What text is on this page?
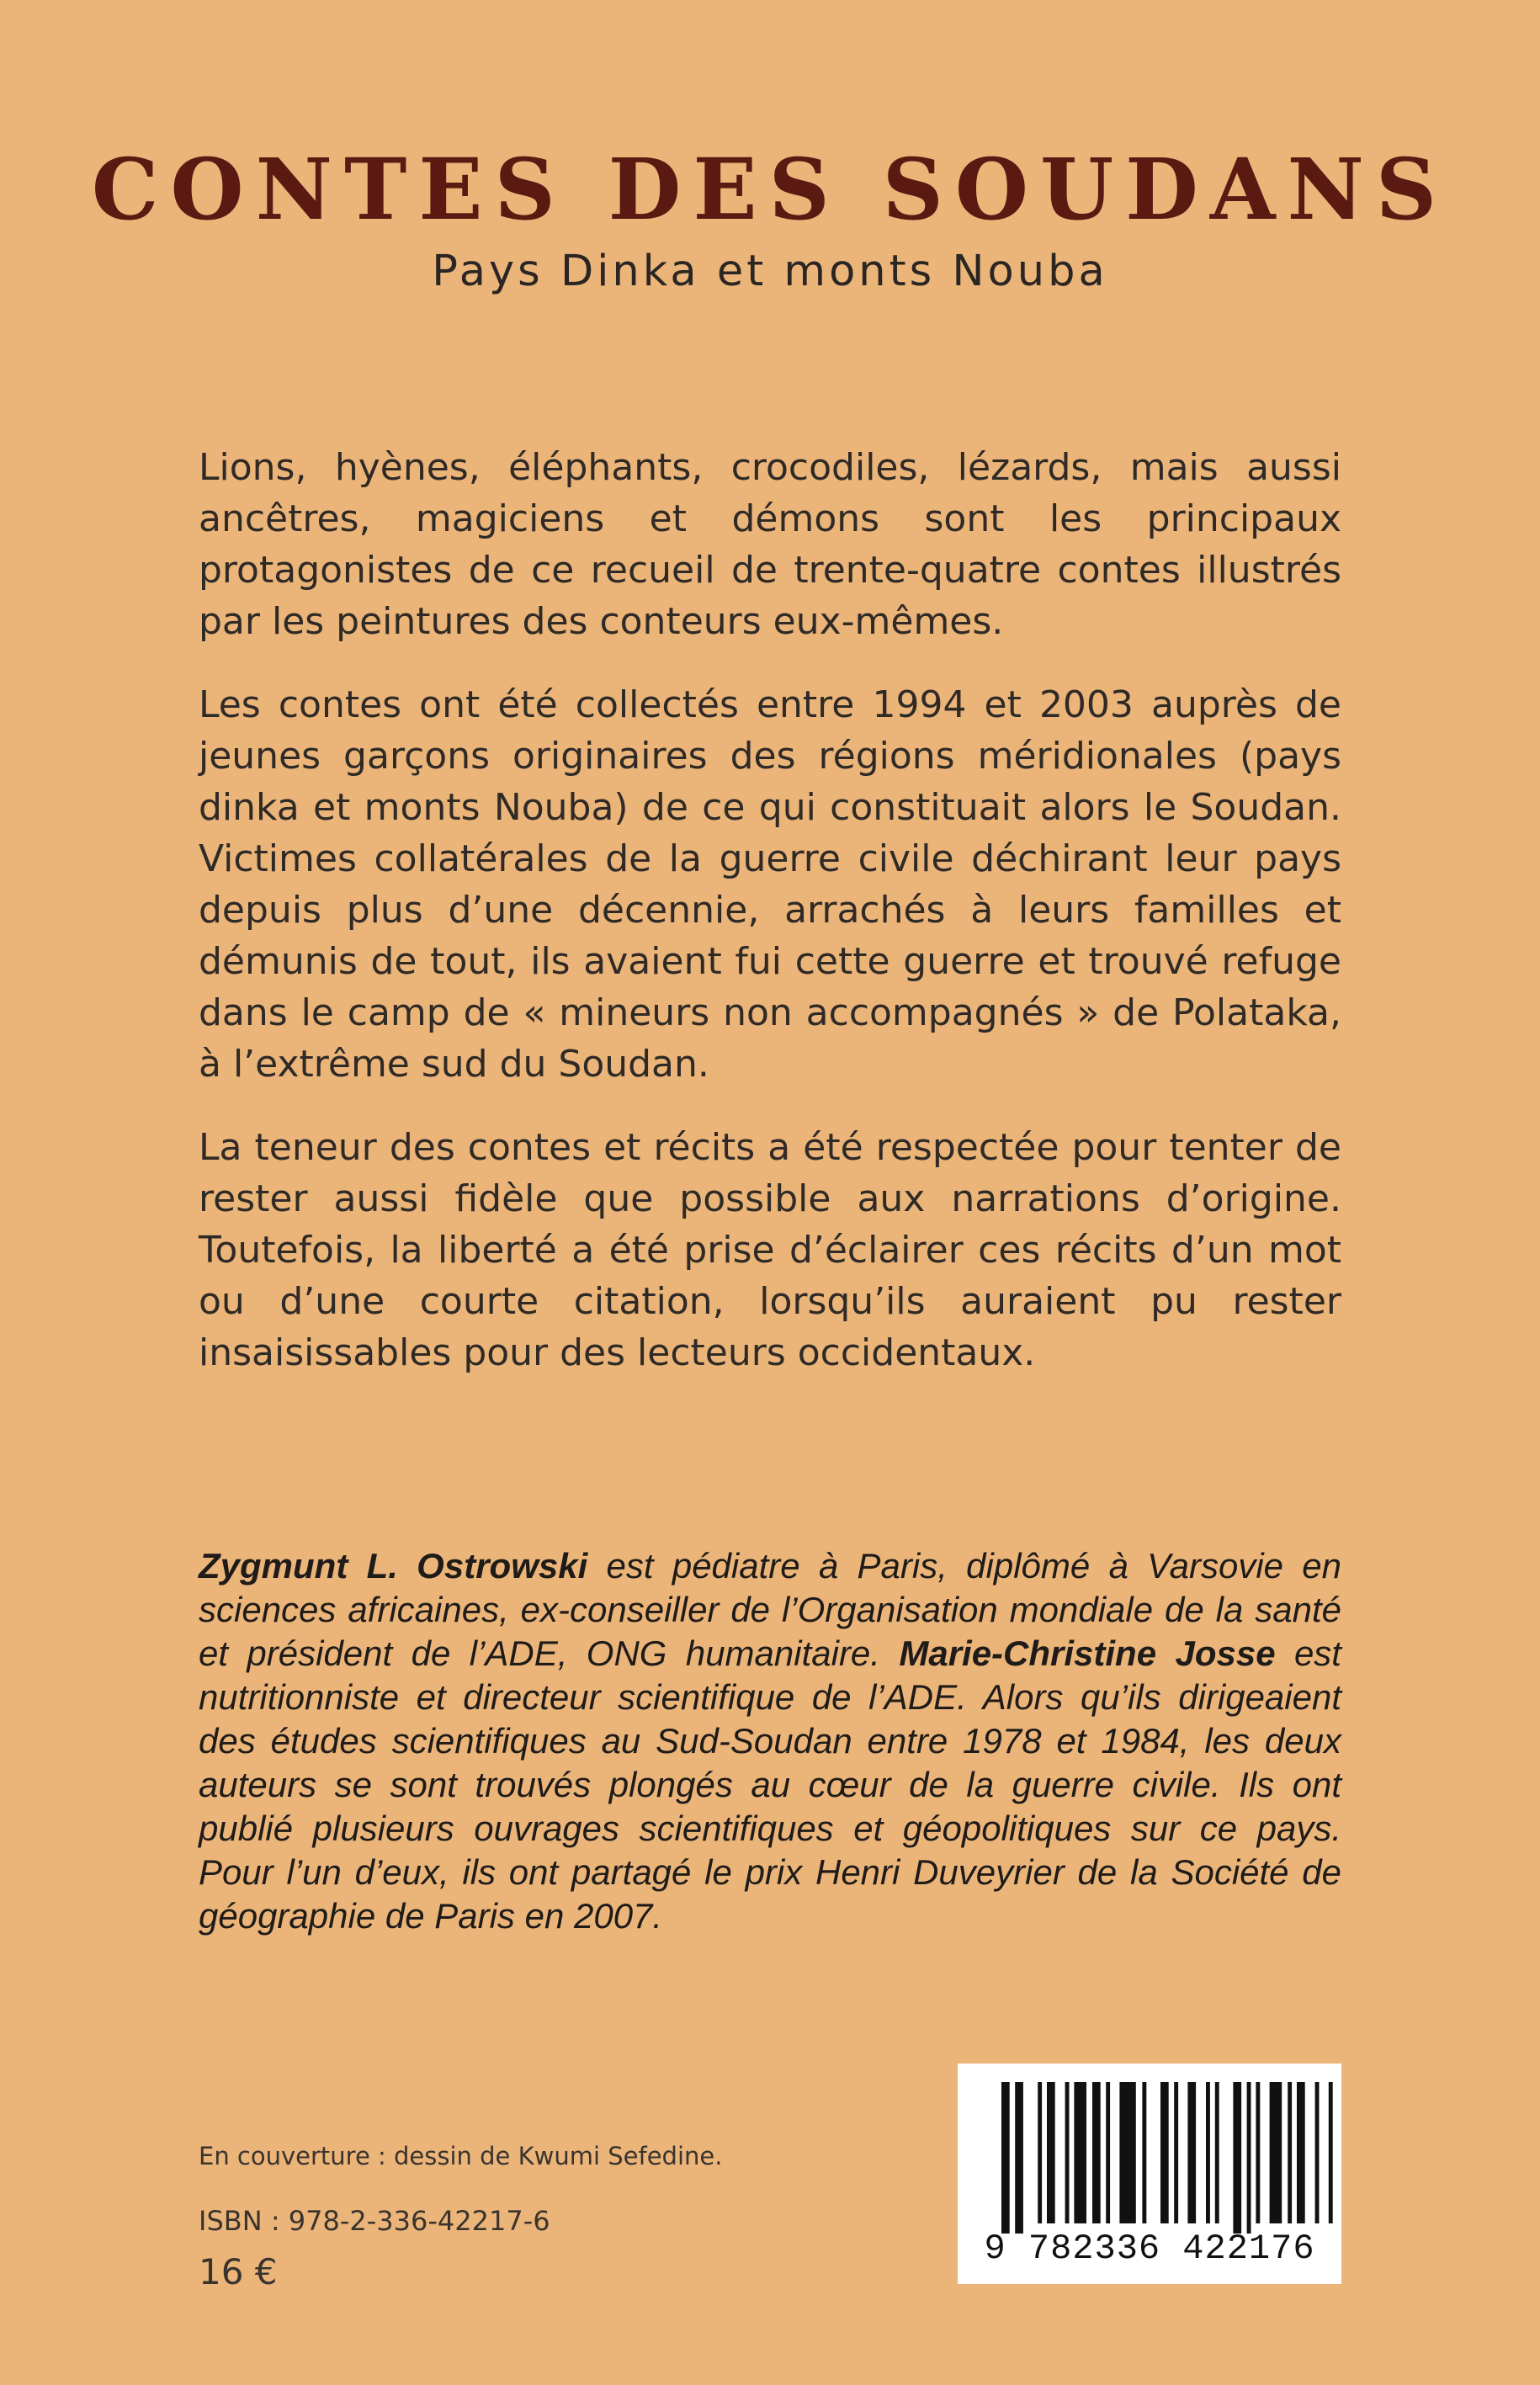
CONTES DES SOUDANS
Pays Dinka et monts Nouba

Lions, hyènes, éléphants, crocodiles, lézards, mais aussi ancêtres, magiciens et démons sont les principaux protagonistes de ce recueil de trente-quatre contes illustrés par les peintures des conteurs eux-mêmes.

Les contes ont été collectés entre 1994 et 2003 auprès de jeunes garçons originaires des régions méridionales (pays dinka et monts Nouba) de ce qui constituait alors le Soudan. Victimes collatérales de la guerre civile déchirant leur pays depuis plus d’une décennie, arrachés à leurs familles et démunis de tout, ils avaient fui cette guerre et trouvé refuge dans le camp de « mineurs non accompagnés » de Polataka, à l’extrême sud du Soudan.

La teneur des contes et récits a été respectée pour tenter de rester aussi fidèle que possible aux narrations d’origine. Toutefois, la liberté a été prise d’éclairer ces récits d’un mot ou d’une courte citation, lorsqu’ils auraient pu rester insaisissables pour des lecteurs occidentaux.

Zygmunt L. Ostrowski est pédiatre à Paris, diplômé à Varsovie en sciences africaines, ex-conseiller de l’Organisation mondiale de la santé et président de l’ADE, ONG humanitaire. Marie-Christine Josse est nutritionniste et directeur scientifique de l’ADE. Alors qu’ils dirigeaient des études scientifiques au Sud-Soudan entre 1978 et 1984, les deux auteurs se sont trouvés plongés au cœur de la guerre civile. Ils ont publié plusieurs ouvrages scientifiques et géopolitiques sur ce pays. Pour l’un d’eux, ils ont partagé le prix Henri Duveyrier de la Société de géographie de Paris en 2007.
En couverture : dessin de Kwumi Sefedine.
ISBN : 978-2-336-42217-6
16 €
9 782336 422176
